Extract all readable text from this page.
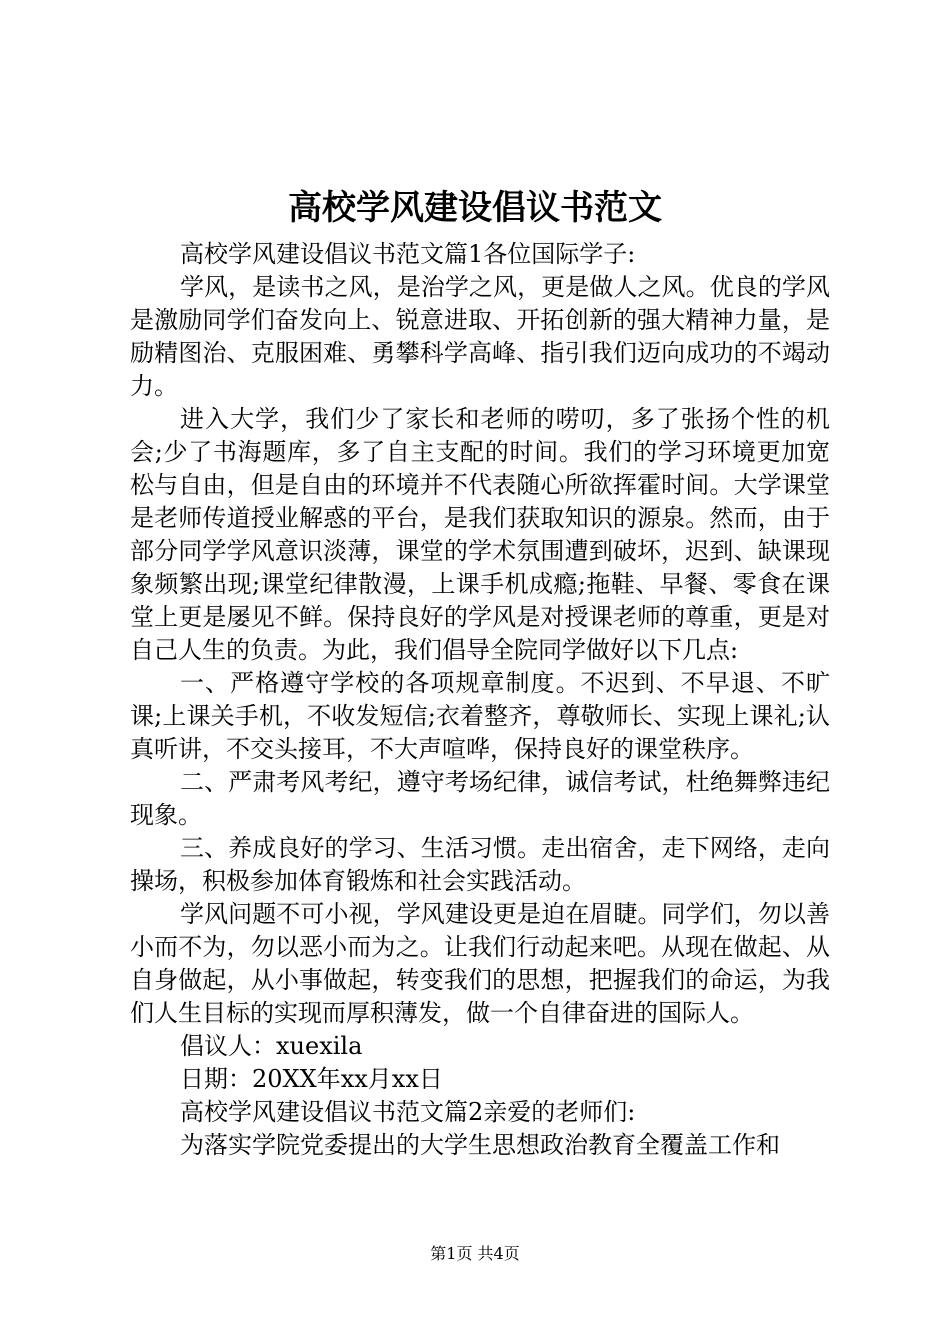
高校学风建设倡议书范文

高校学风建设倡议书范文篇1各位国际学子:

学风，是读书之风，是治学之风，更是做人之风。优良的学风是激励同学们奋发向上、锐意进取、开拓创新的强大精神力量，是励精图治、克服困难、勇攀科学高峰、指引我们迈向成功的不竭动力。

进入大学，我们少了家长和老师的唠叨，多了张扬个性的机会;少了书海题库，多了自主支配的时间。我们的学习环境更加宽松与自由，但是自由的环境并不代表随心所欲挥霍时间。大学课堂是老师传道授业解惑的平台，是我们获取知识的源泉。然而，由于部分同学学风意识淡薄，课堂的学术氛围遭到破坏，迟到、缺课现象频繁出现;课堂纪律散漫，上课手机成瘾;拖鞋、早餐、零食在课堂上更是屡见不鲜。保持良好的学风是对授课老师的尊重，更是对自己人生的负责。为此，我们倡导全院同学做好以下几点:

一、严格遵守学校的各项规章制度。不迟到、不早退、不旷课;上课关手机，不收发短信;衣着整齐，尊敬师长、实现上课礼;认真听讲，不交头接耳，不大声喧哗，保持良好的课堂秩序。

二、严肃考风考纪，遵守考场纪律，诚信考试，杜绝舞弊违纪现象。

三、养成良好的学习、生活习惯。走出宿舍，走下网络，走向操场，积极参加体育锻炼和社会实践活动。

学风问题不可小视，学风建设更是迫在眉睫。同学们，勿以善小而不为，勿以恶小而为之。让我们行动起来吧。从现在做起、从自身做起，从小事做起，转变我们的思想，把握我们的命运，为我们人生目标的实现而厚积薄发，做一个自律奋进的国际人。

倡议人：xuexila

日期：20XX年xx月xx日

高校学风建设倡议书范文篇2亲爱的老师们:

为落实学院党委提出的大学生思想政治教育全覆盖工作和

第1页 共4页
